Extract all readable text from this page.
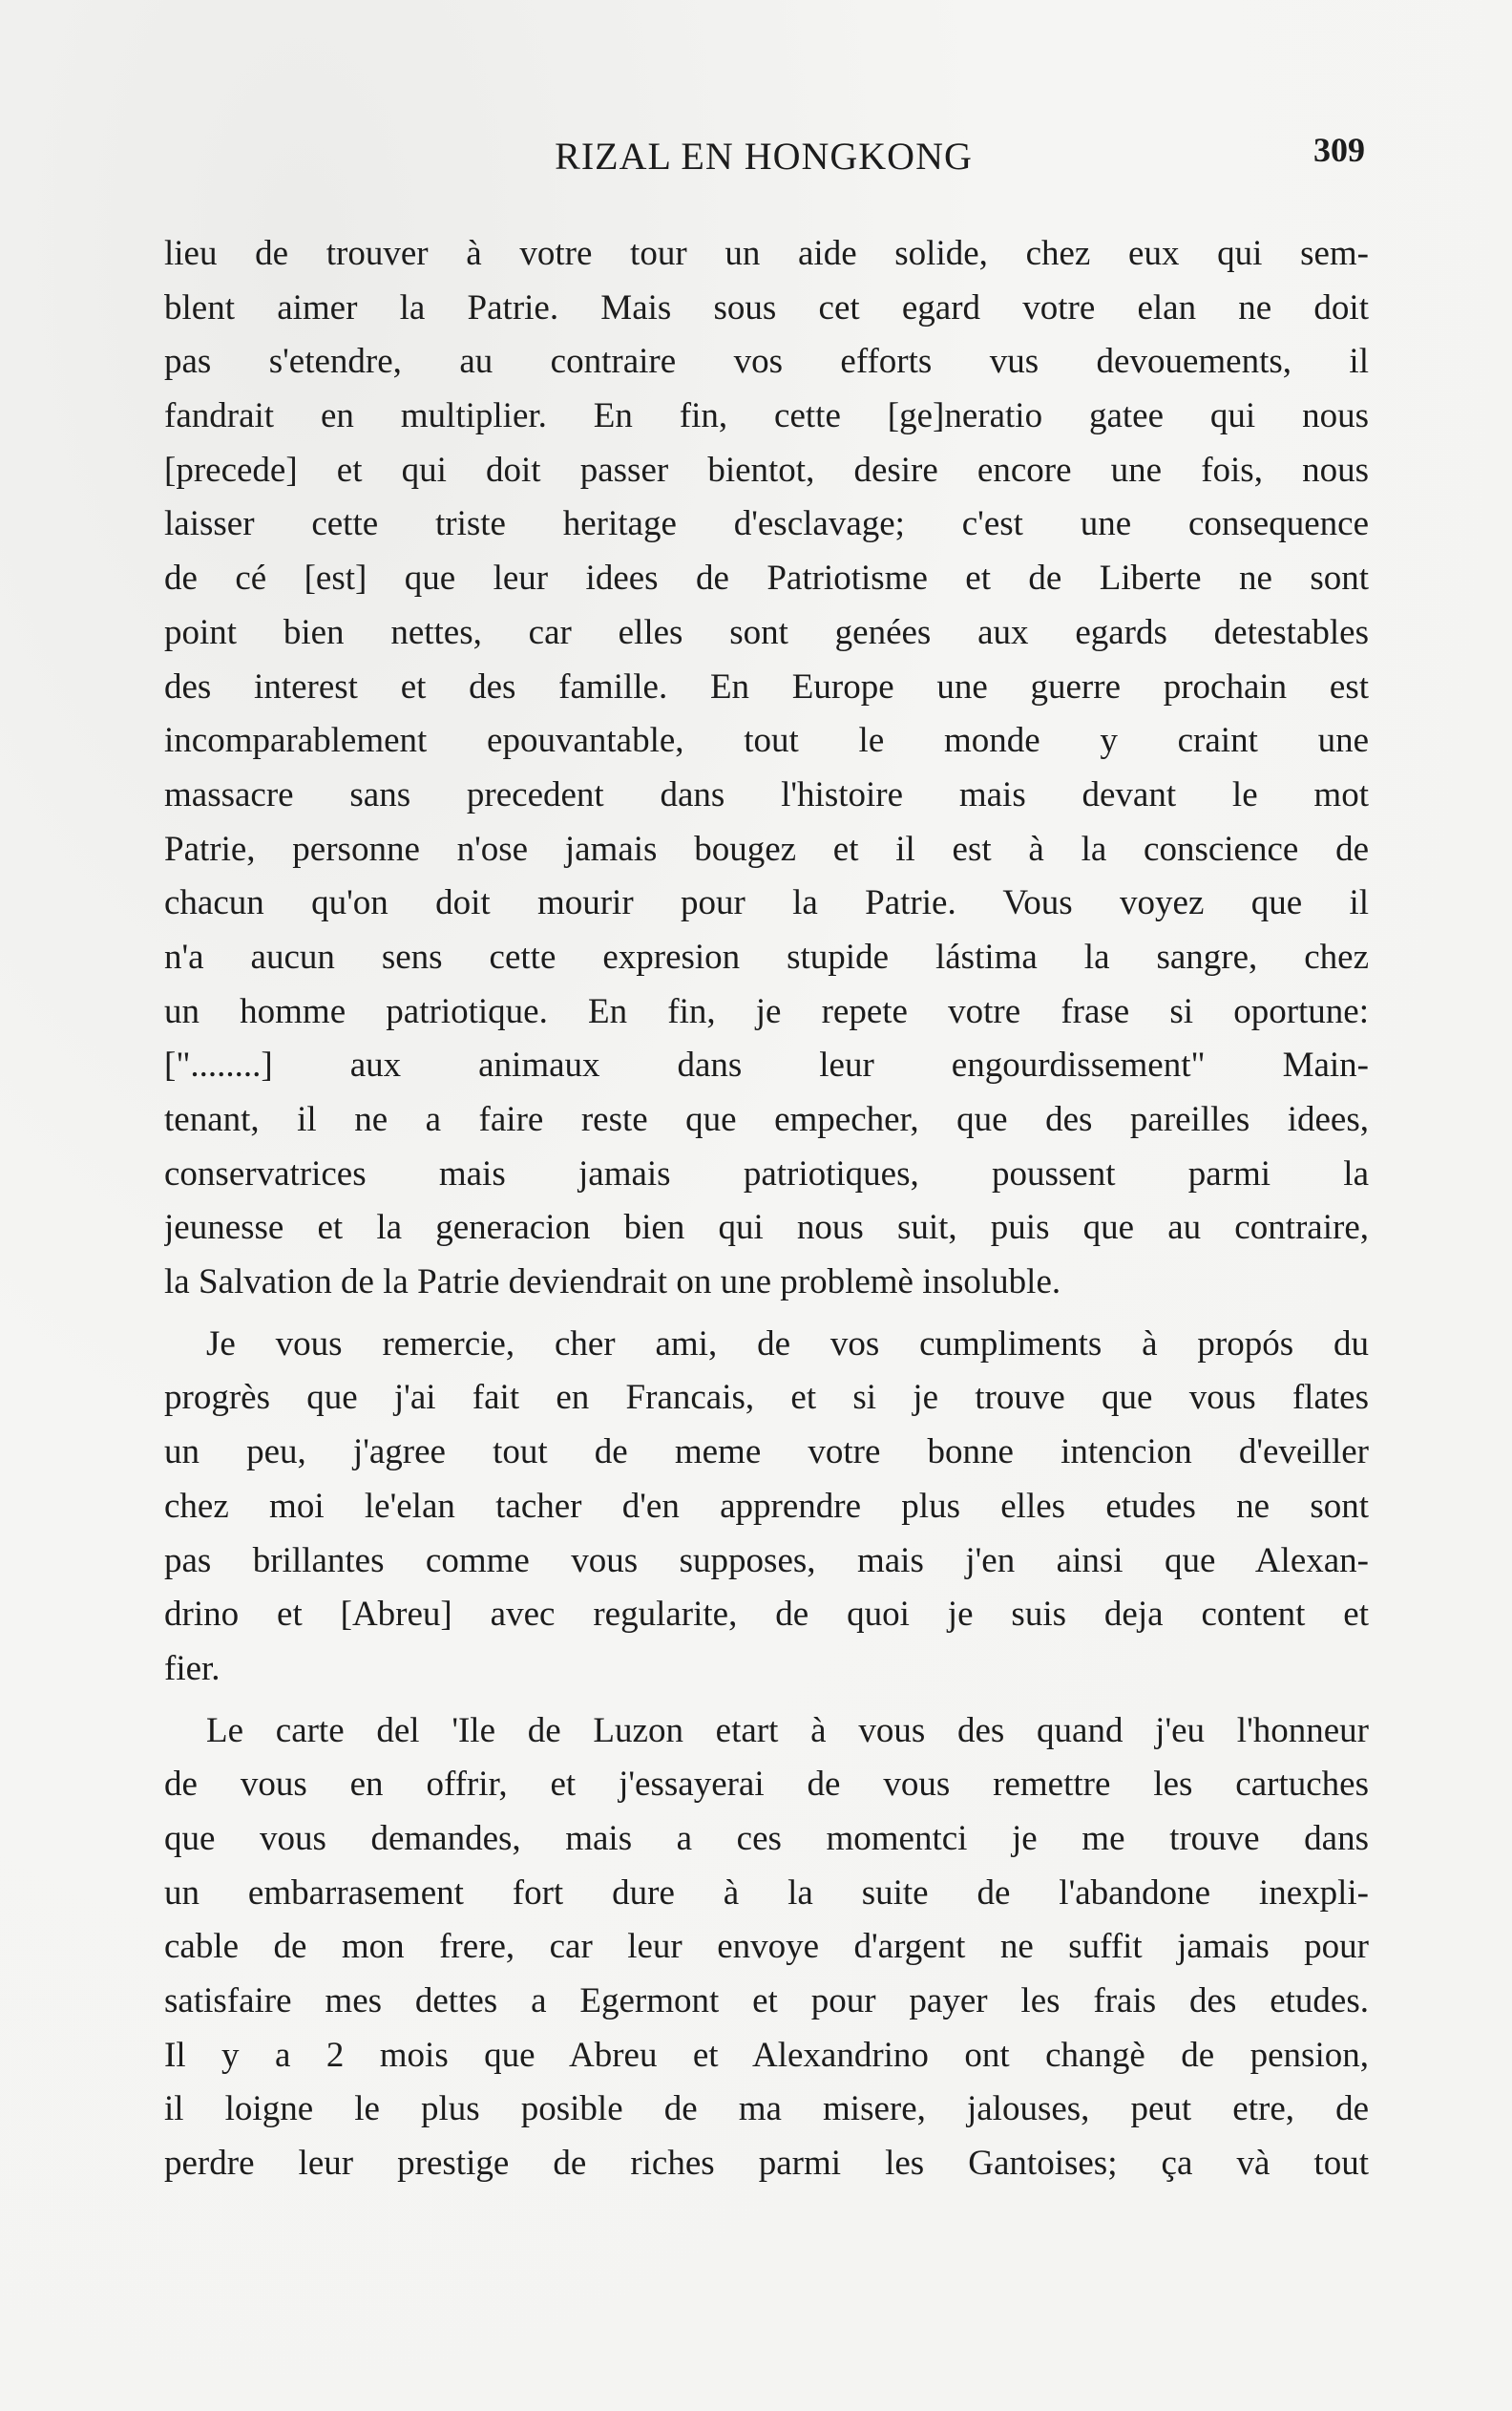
RIZAL EN HONGKONG	309
lieu de trouver à votre tour un aide solide, chez eux qui sem-
blent aimer la Patrie. Mais sous cet egard votre elan ne doit
pas s'etendre, au contraire vos efforts vus devouements, il
fandrait en multiplier. En fin, cette [ge]neratio gatee qui nous
[precede] et qui doit passer bientot, desire encore une fois, nous
laisser cette triste heritage d'esclavage; c'est une consequence
de cé [est] que leur idees de Patriotisme et de Liberte ne sont
point bien nettes, car elles sont genées aux egards detestables
des interest et des famille. En Europe une guerre prochain est
incomparablement epouvantable, tout le monde y craint une
massacre sans precedent dans l'histoire mais devant le mot
Patrie, personne n'ose jamais bougez et il est à la conscience de
chacun qu'on doit mourir pour la Patrie. Vous voyez que il
n'a aucun sens cette expresion stupide lástima la sangre, chez
un homme patriotique. En fin, je repete votre frase si oportune:
["........] aux animaux dans leur engourdissement" Main-
tenant, il ne a faire reste que empecher, que des pareilles idees,
conservatrices mais jamais patriotiques, poussent parmi la
jeunesse et la generacion bien qui nous suit, puis que au contraire,
la Salvation de la Patrie deviendrait on une problemè insoluble.
Je vous remercie, cher ami, de vos cumpliments à propós du
progrès que j'ai fait en Francais, et si je trouve que vous flates
un peu, j'agree tout de meme votre bonne intencion d'eveiller
chez moi le'elan tacher d'en apprendre plus elles etudes ne sont
pas brillantes comme vous supposes, mais j'en ainsi que Alexan-
drino et [Abreu] avec regularite, de quoi je suis deja content et
fier.
Le carte del 'Ile de Luzon etart à vous des quand j'eu l'honneur
de vous en offrir, et j'essayerai de vous remettre les cartuches
que vous demandes, mais a ces momentci je me trouve dans
un embarrasement fort dure à la suite de l'abandone inexpli-
cable de mon frere, car leur envoye d'argent ne suffit jamais pour
satisfaire mes dettes a Egermont et pour payer les frais des etudes.
Il y a 2 mois que Abreu et Alexandrino ont changè de pension,
il loigne le plus posible de ma misere, jalouses, peut etre, de
perdre leur prestige de riches parmi les Gantoises; ça và tout
